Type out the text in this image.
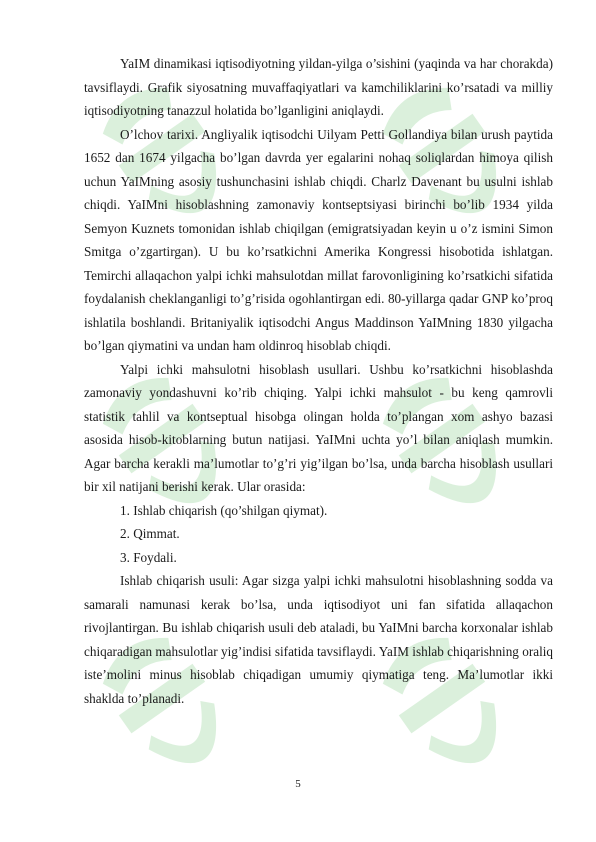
YaIM dinamikasi iqtisodiyotning yildan-yilga o’sishini (yaqinda va har chorakda) tavsiflaydi. Grafik siyosatning muvaffaqiyatlari va kamchiliklarini ko’rsatadi va milliy iqtisodiyotning tanazzul holatida bo’lganligini aniqlaydi.

O’lchov tarixi. Angliyalik iqtisodchi Uilyam Petti Gollandiya bilan urush paytida 1652 dan 1674 yilgacha bo’lgan davrda yer egalarini nohaq soliqlardan himoya qilish uchun YaIMning asosiy tushunchasini ishlab chiqdi. Charlz Davenant bu usulni ishlab chiqdi. YaIMni hisoblashning zamonaviy kontseptsiyasi birinchi bo’lib 1934 yilda Semyon Kuznets tomonidan ishlab chiqilgan (emigratsiyadan keyin u o’z ismini Simon Smitga o’zgartirgan). U bu ko’rsatkichni Amerika Kongressi hisobotida ishlatgan. Temirchi allaqachon yalpi ichki mahsulotdan millat farovonligining ko’rsatkichi sifatida foydalanish cheklanganligi to’g’risida ogohlantirgan edi. 80-yillarga qadar GNP ko’proq ishlatila boshlandi. Britaniyalik iqtisodchi Angus Maddinson YaIMning 1830 yilgacha bo’lgan qiymatini va undan ham oldinroq hisoblab chiqdi.

Yalpi ichki mahsulotni hisoblash usullari. Ushbu ko’rsatkichni hisoblashda zamonaviy yondashuvni ko’rib chiqing. Yalpi ichki mahsulot - bu keng qamrovli statistik tahlil va kontseptual hisobga olingan holda to’plangan xom ashyo bazasi asosida hisob-kitoblarning butun natijasi. YaIMni uchta yo’l bilan aniqlash mumkin. Agar barcha kerakli ma’lumotlar to’g’ri yig’ilgan bo’lsa, unda barcha hisoblash usullari bir xil natijani berishi kerak. Ular orasida:

1. Ishlab chiqarish (qo’shilgan qiymat).

2. Qimmat.

3. Foydali.

Ishlab chiqarish usuli: Agar sizga yalpi ichki mahsulotni hisoblashning sodda va samarali namunasi kerak bo’lsa, unda iqtisodiyot uni fan sifatida allaqachon rivojlantirgan. Bu ishlab chiqarish usuli deb ataladi, bu YaIMni barcha korxonalar ishlab chiqaradigan mahsulotlar yig’indisi sifatida tavsiflaydi. YaIM ishlab chiqarishning oraliq iste’molini minus hisoblab chiqadigan umumiy qiymatiga teng. Ma’lumotlar ikki shaklda to’planadi.

5
